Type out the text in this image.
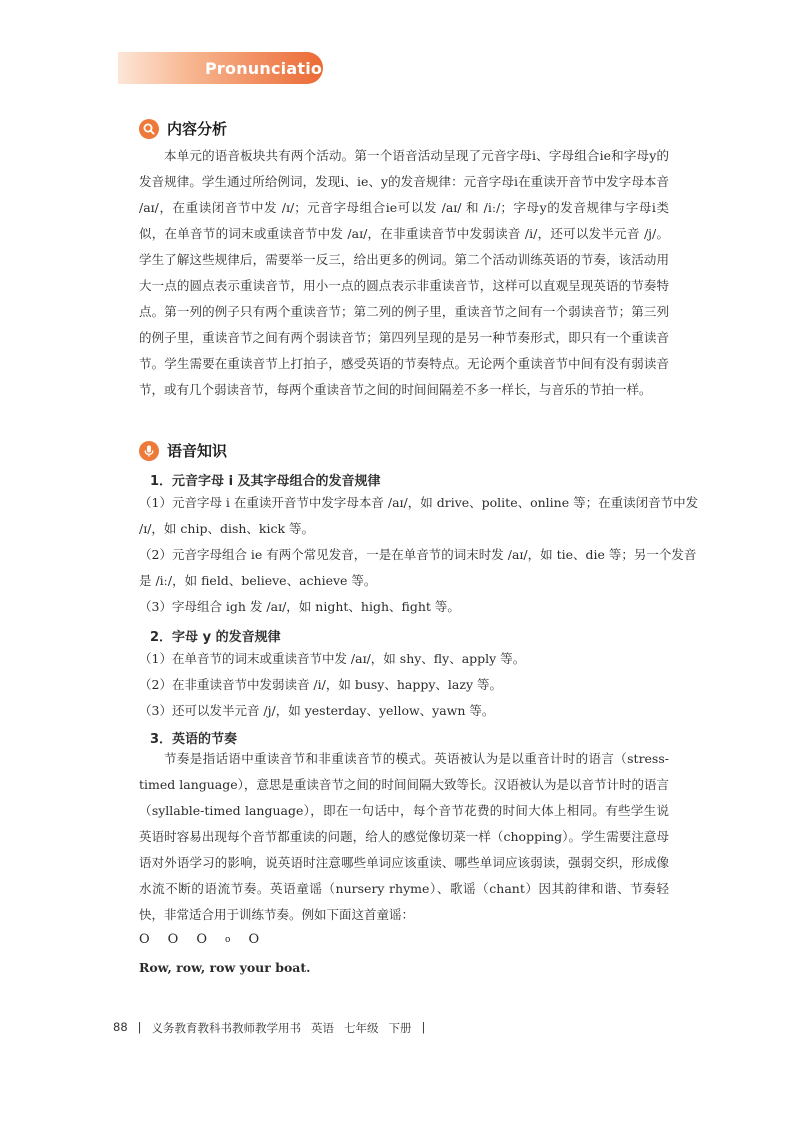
Pronunciation
内容分析

本单元的语音板块共有两个活动。第一个语音活动呈现了元音字母i、字母组合ie和字母y的发音规律。学生通过所给例词，发现i、ie、y的发音规律：元音字母i在重读开音节中发字母本音 /aɪ/，在重读闭音节中发 /ɪ/；元音字母组合ie可以发 /aɪ/ 和 /iː/；字母y的发音规律与字母i类似，在单音节的词末或重读音节中发 /aɪ/，在非重读音节中发弱读音 /i/，还可以发半元音 /j/。学生了解这些规律后，需要举一反三，给出更多的例词。第二个活动训练英语的节奏，该活动用大一点的圆点表示重读音节，用小一点的圆点表示非重读音节，这样可以直观呈现英语的节奏特点。第一列的例子只有两个重读音节；第二列的例子里，重读音节之间有一个弱读音节；第三列的例子里，重读音节之间有两个弱读音节；第四列呈现的是另一种节奏形式，即只有一个重读音节。学生需要在重读音节上打拍子，感受英语的节奏特点。无论两个重读音节中间有没有弱读音节，或有几个弱读音节，每两个重读音节之间的时间间隔差不多一样长，与音乐的节拍一样。

语音知识
1．元音字母 i 及其字母组合的发音规律
（1）元音字母 i 在重读开音节中发字母本音 /aɪ/，如 drive、polite、online 等；在重读闭音节中发
/ɪ/，如 chip、dish、kick 等。
（2）元音字母组合 ie 有两个常见发音，一是在单音节的词末时发 /aɪ/，如 tie、die 等；另一个发音
是 /iː/，如 field、believe、achieve 等。
（3）字母组合 igh 发 /aɪ/，如 night、high、fight 等。
2．字母 y 的发音规律
（1）在单音节的词末或重读音节中发 /aɪ/，如 shy、fly、apply 等。
（2）在非重读音节中发弱读音 /i/，如 busy、happy、lazy 等。
（3）还可以发半元音 /j/，如 yesterday、yellow、yawn 等。
3．英语的节奏

节奏是指话语中重读音节和非重读音节的模式。英语被认为是以重音计时的语言（stress-timed language），意思是重读音节之间的时间间隔大致等长。汉语被认为是以音节计时的语言（syllable-timed language），即在一句话中，每个音节花费的时间大体上相同。有些学生说英语时容易出现每个音节都重读的问题，给人的感觉像切菜一样（chopping）。学生需要注意母语对外语学习的影响，说英语时注意哪些单词应该重读、哪些单词应该弱读，强弱交织，形成像水流不断的语流节奏。英语童谣（nursery rhyme）、歌谣（chant）因其韵律和谐、节奏轻快，非常适合用于训练节奏。例如下面这首童谣：

O O O o O
Row, row, row your boat.
88 | 义务教育教科书教师教学用书 英语 七年级 下册 |
